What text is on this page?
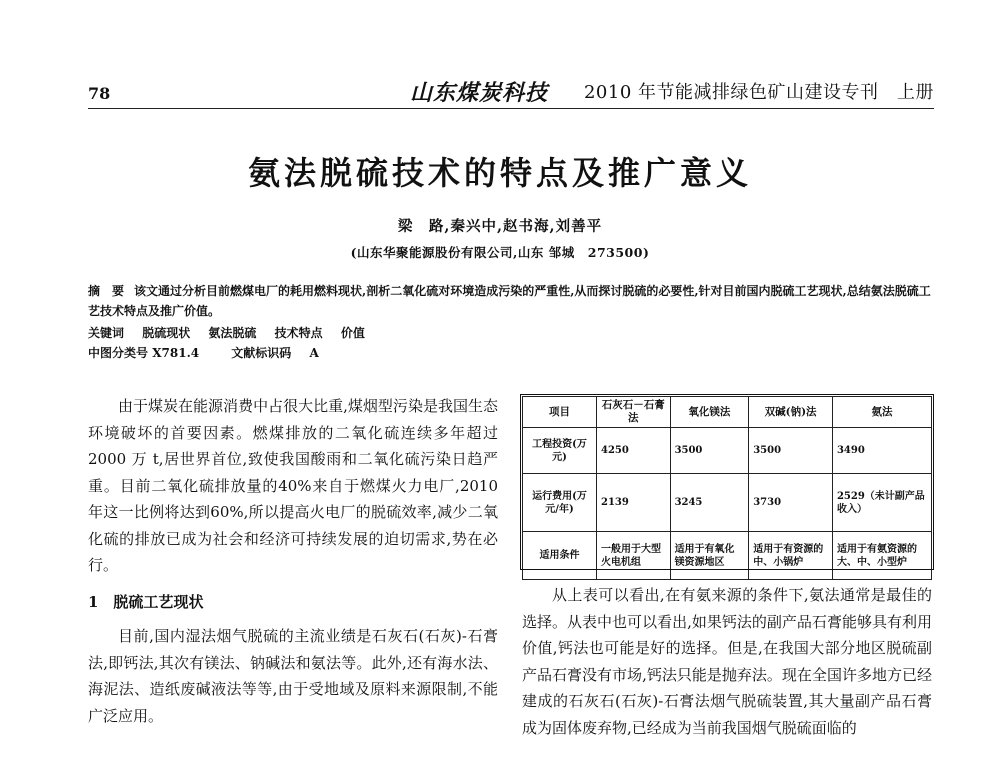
78	山东煤炭科技 2010 年节能减排绿色矿山建设专刊　上册
氨法脱硫技术的特点及推广意义
梁　路,秦兴中,赵书海,刘善平
(山东华聚能源股份有限公司,山东 邹城　273500)
摘　要 该文通过分析目前燃煤电厂的耗用燃料现状,剖析二氧化硫对环境造成污染的严重性,从而探讨脱硫的必要性,针对目前国内脱硫工艺现状,总结氨法脱硫工艺技术特点及推广价值。
关键词 脱硫现状 氨法脱硫 技术特点 价值
中图分类号 X781.4	文献标识码 A

由于煤炭在能源消费中占很大比重,煤烟型污染是我国生态环境破坏的首要因素。燃煤排放的二氧化硫连续多年超过2000 万 t,居世界首位,致使我国酸雨和二氧化硫污染日趋严重。目前二氧化硫排放量的40%来自于燃煤火力电厂,2010 年这一比例将达到60%,所以提高火电厂的脱硫效率,减少二氧化硫的排放已成为社会和经济可持续发展的迫切需求,势在必行。

1　脱硫工艺现状

目前,国内湿法烟气脱硫的主流业绩是石灰石(石灰)-石膏法,即钙法,其次有镁法、钠碱法和氨法等。此外,还有海水法、海泥法、造纸废碱液法等等,由于受地域及原料来源限制,不能广泛应用。

项目	石灰石－石膏法	氧化镁法	双碱(钠)法	氨法
工程投资(万元)	4250	3500	3500	3490
运行费用(万元/年)	2139	3245	3730	2529（未计副产品收入）
适用条件	一般用于大型火电机组	适用于有氧化镁资源地区	适用于有资源的中、小锅炉	适用于有氨资源的大、中、小型炉

从上表可以看出,在有氨来源的条件下,氨法通常是最佳的选择。从表中也可以看出,如果钙法的副产品石膏能够具有利用价值,钙法也可能是好的选择。但是,在我国大部分地区脱硫副产品石膏没有市场,钙法只能是抛弃法。现在全国许多地方已经建成的石灰石(石灰)-石膏法烟气脱硫装置,其大量副产品石膏成为固体废弃物,已经成为当前我国烟气脱硫面临的
